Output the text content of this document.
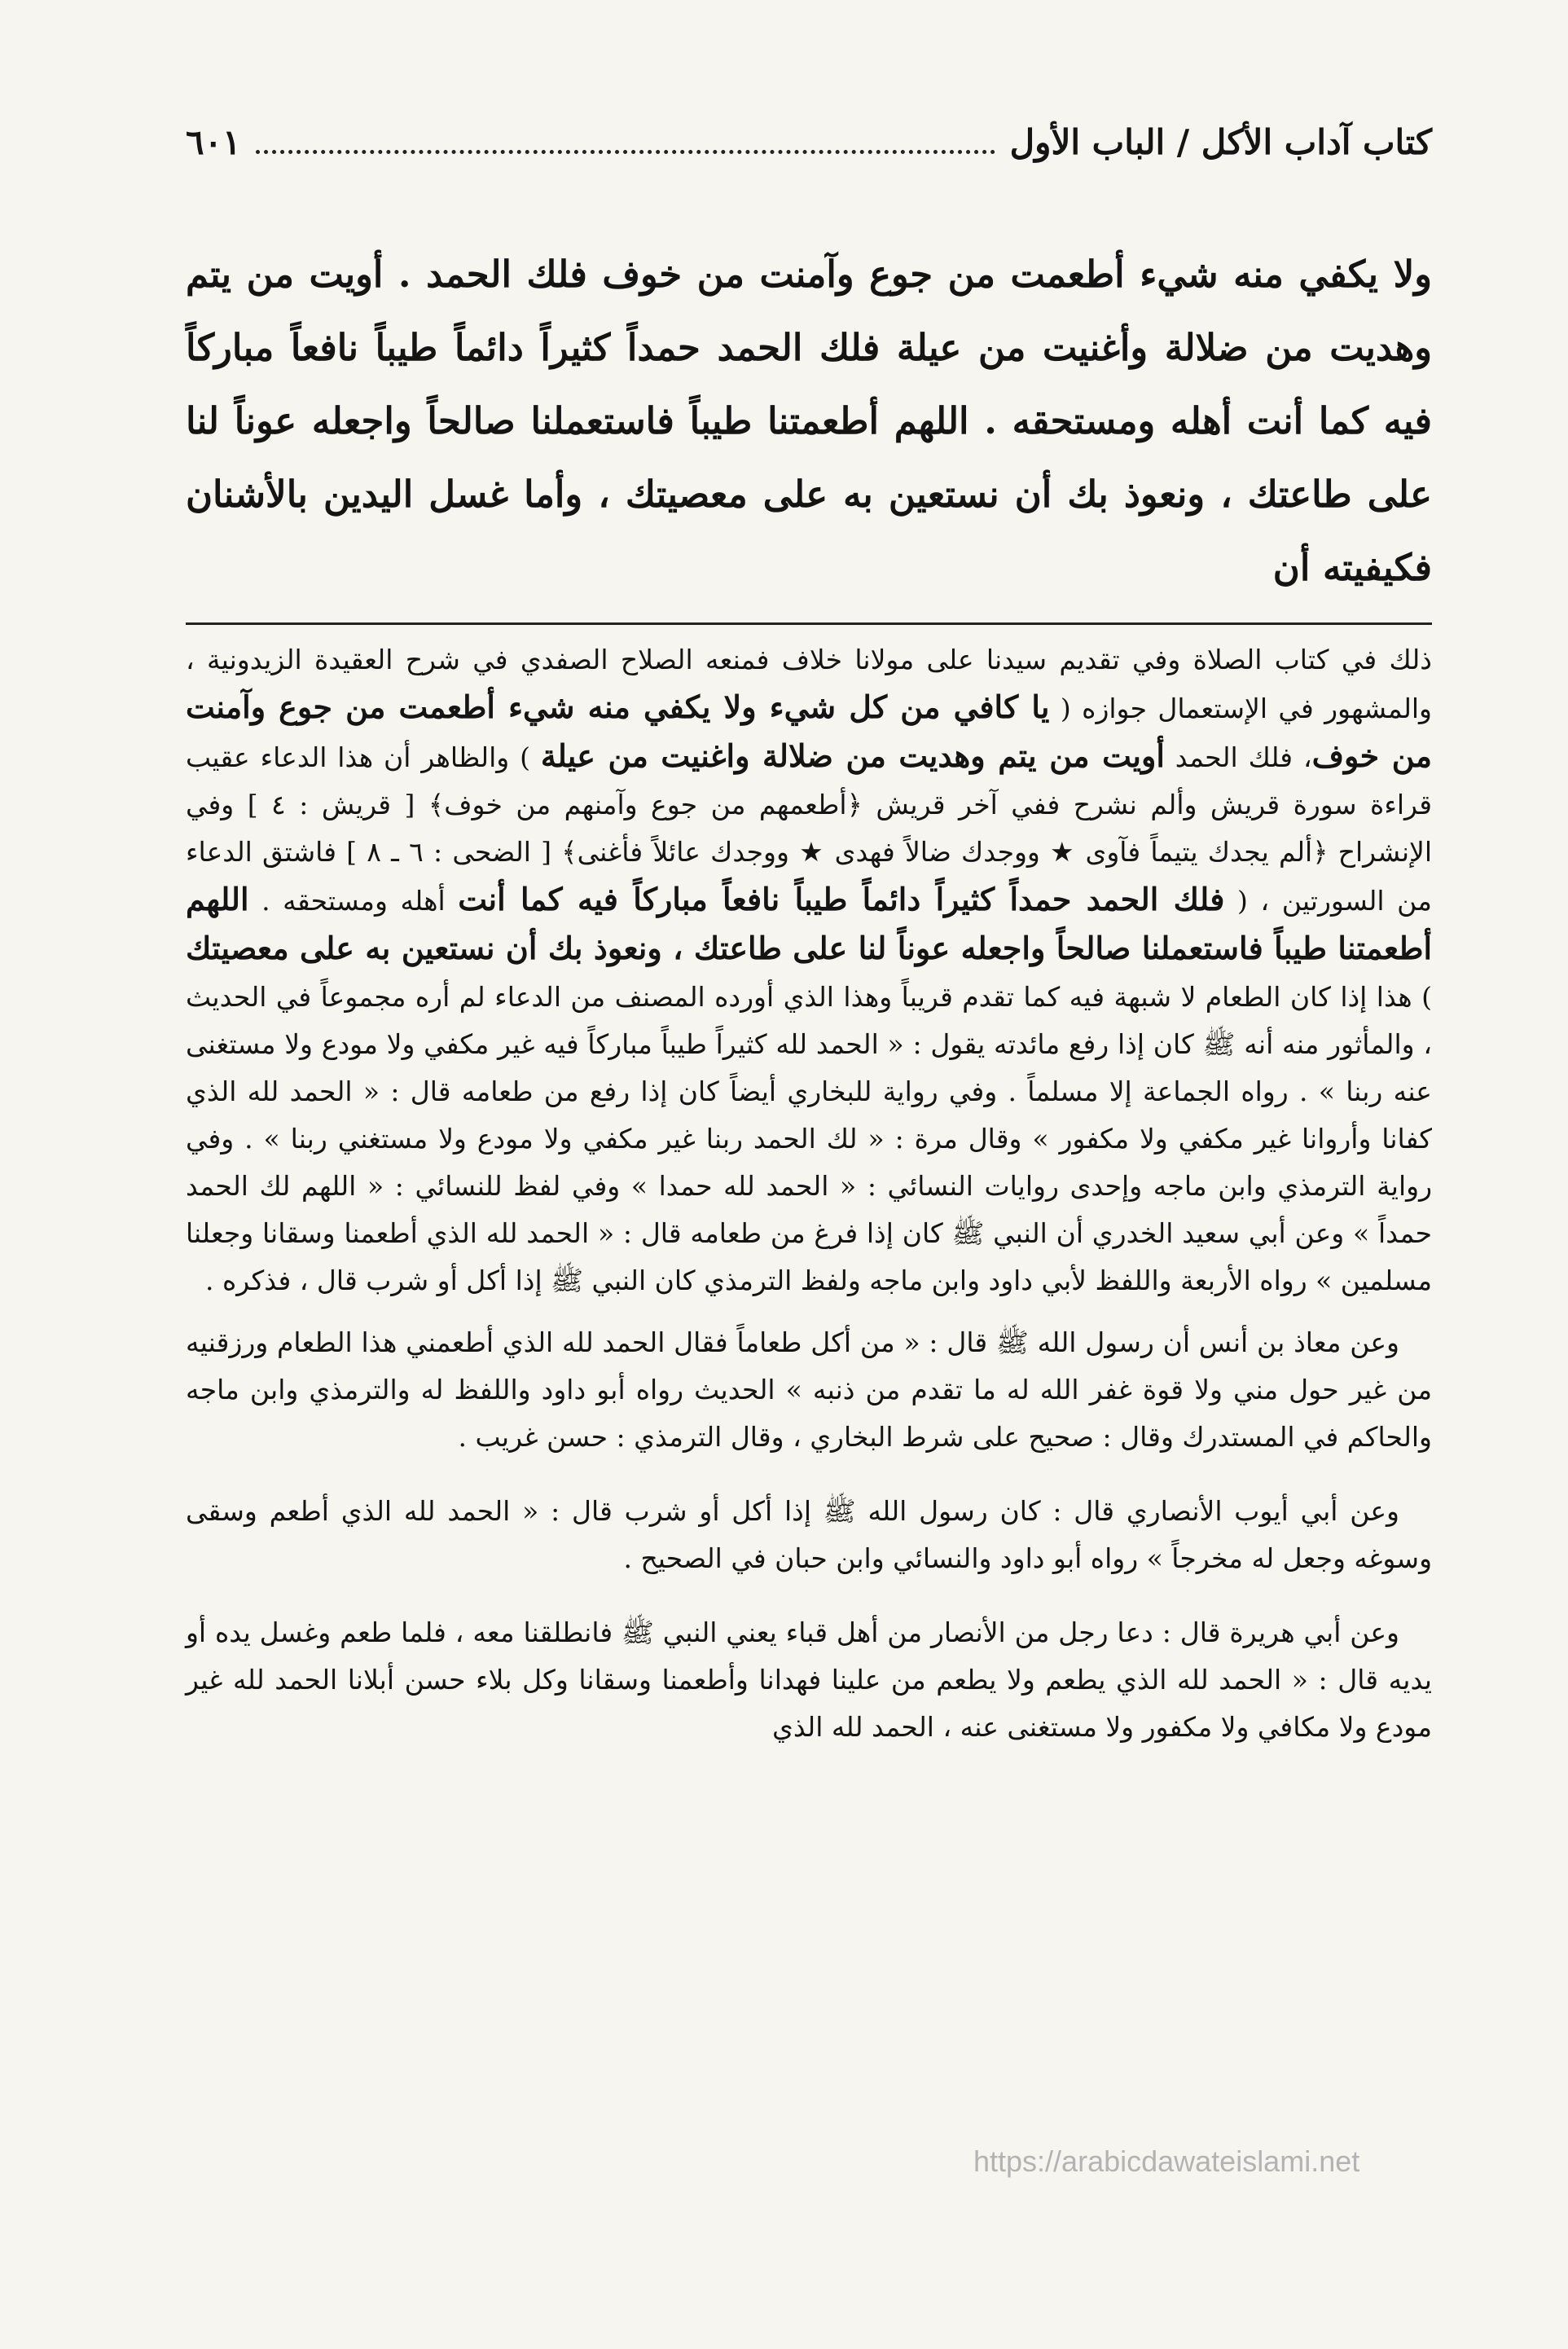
كتاب آداب الأكل / الباب الأول
٦٠١
ولا يكفي منه شيء أطعمت من جوع وآمنت من خوف فلك الحمد . أويت من يتم وهديت من ضلالة وأغنيت من عيلة فلك الحمد حمداً كثيراً دائماً طيباً نافعاً مباركاً فيه كما أنت أهله ومستحقه . اللهم أطعمتنا طيباً فاستعملنا صالحاً واجعله عوناً لنا على طاعتك ، ونعوذ بك أن نستعين به على معصيتك ، وأما غسل اليدين بالأشنان فكيفيته أن
ذلك في كتاب الصلاة وفي تقديم سيدنا على مولانا خلاف فمنعه الصلاح الصفدي في شرح العقيدة الزيدونية ، والمشهور في الإستعمال جوازه ( يا كافي من كل شيء ولا يكفي منه شيء أطعمت من جوع وآمنت من خوف، فلك الحمد أويت من يتم وهديت من ضلالة واغنيت من عيلة ) والظاهر أن هذا الدعاء عقيب قراءة سورة قريش وألم نشرح ففي آخر قريش ﴿أطعمهم من جوع وآمنهم من خوف﴾ [ قريش : ٤ ] وفي الإنشراح ﴿ألم يجدك يتيماً فآوى ★ ووجدك ضالاً فهدى ★ ووجدك عائلاً فأغنى﴾ [ الضحى : ٦ ـ ٨ ] فاشتق الدعاء من السورتين ، ( فلك الحمد حمداً كثيراً دائماً طيباً نافعاً مباركاً فيه كما أنت أهله ومستحقه . اللهم أطعمتنا طيباً فاستعملنا صالحاً واجعله عوناً لنا على طاعتك ، ونعوذ بك أن نستعين به على معصيتك ) هذا إذا كان الطعام لا شبهة فيه كما تقدم قريباً وهذا الذي أورده المصنف من الدعاء لم أره مجموعاً في الحديث ، والمأثور منه أنه ﷺ كان إذا رفع مائدته يقول : « الحمد لله كثيراً طيباً مباركاً فيه غير مكفي ولا مودع ولا مستغنى عنه ربنا » . رواه الجماعة إلا مسلماً . وفي رواية للبخاري أيضاً كان إذا رفع من طعامه قال : « الحمد لله الذي كفانا وأروانا غير مكفي ولا مكفور » وقال مرة : « لك الحمد ربنا غير مكفي ولا مودع ولا مستغني ربنا » . وفي رواية الترمذي وابن ماجه وإحدى روايات النسائي : « الحمد لله حمدا » وفي لفظ للنسائي : « اللهم لك الحمد حمداً » وعن أبي سعيد الخدري أن النبي ﷺ كان إذا فرغ من طعامه قال : « الحمد لله الذي أطعمنا وسقانا وجعلنا مسلمين » رواه الأربعة واللفظ لأبي داود وابن ماجه ولفظ الترمذي كان النبي ﷺ إذا أكل أو شرب قال ، فذكره .

وعن معاذ بن أنس أن رسول الله ﷺ قال : « من أكل طعاماً فقال الحمد لله الذي أطعمني هذا الطعام ورزقنيه من غير حول مني ولا قوة غفر الله له ما تقدم من ذنبه » الحديث رواه أبو داود واللفظ له والترمذي وابن ماجه والحاكم في المستدرك وقال : صحيح على شرط البخاري ، وقال الترمذي : حسن غريب .

وعن أبي أيوب الأنصاري قال : كان رسول الله ﷺ إذا أكل أو شرب قال : « الحمد لله الذي أطعم وسقى وسوغه وجعل له مخرجاً » رواه أبو داود والنسائي وابن حبان في الصحيح .

وعن أبي هريرة قال : دعا رجل من الأنصار من أهل قباء يعني النبي ﷺ فانطلقنا معه ، فلما طعم وغسل يده أو يديه قال : « الحمد لله الذي يطعم ولا يطعم من علينا فهدانا وأطعمنا وسقانا وكل بلاء حسن أبلانا الحمد لله غير مودع ولا مكافي ولا مكفور ولا مستغنى عنه ، الحمد لله الذي

https://arabicdawateislami.net
